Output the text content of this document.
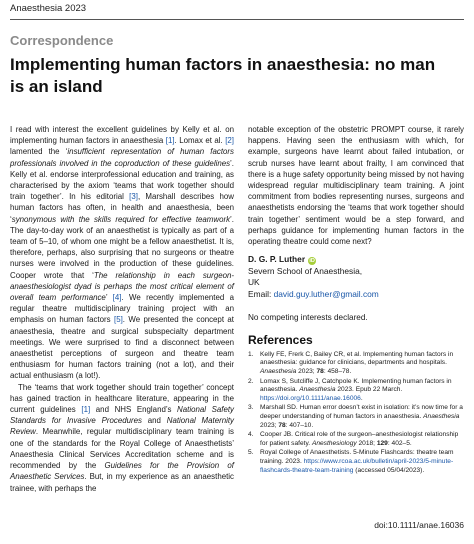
Anaesthesia 2023
Correspondence
Implementing human factors in anaesthesia: no man is an island

I read with interest the excellent guidelines by Kelly et al. on implementing human factors in anaesthesia [1]. Lomax et al. [2] lamented the ‘insufficient representation of human factors professionals involved in the coproduction of these guidelines’. Kelly et al. endorse interprofessional education and training, as characterised by the axiom ‘teams that work together should train together’. In his editorial [3], Marshall describes how human factors has often, in health and anaesthesia, been ‘synonymous with the skills required for effective teamwork’. The day-to-day work of an anaesthetist is typically as part of a team of 5–10, of whom one might be a fellow anaesthetist. It is, therefore, perhaps, also surprising that no surgeons or theatre nurses were involved in the production of these guidelines. Cooper wrote that ‘The relationship in each surgeon-anaesthesiologist dyad is perhaps the most critical element of overall team performance’ [4]. We recently implemented a regular theatre multidisciplinary training project with an emphasis on human factors [5]. We presented the concept at anaesthesia, theatre and surgical subspecialty department meetings. We were surprised to find a disconnect between anaesthetist perceptions of surgeon and theatre team enthusiasm for human factors training (not a lot), and their actual enthusiasm (a lot!).

The ‘teams that work together should train together’ concept has gained traction in healthcare literature, appearing in the current guidelines [1] and NHS England’s National Safety Standards for Invasive Procedures and National Maternity Review. Meanwhile, regular multidisciplinary team training is one of the standards for the Royal College of Anaesthetists’ Anaesthesia Clinical Services Accreditation scheme and is recommended by the Guidelines for the Provision of Anaesthetic Services. But, in my experience as an anaesthetic trainee, with perhaps the

notable exception of the obstetric PROMPT course, it rarely happens. Having seen the enthusiasm with which, for example, surgeons have learnt about failed intubation, or scrub nurses have learnt about frailty, I am convinced that there is a huge safety opportunity being missed by not having widespread regular multidisciplinary team training. A joint commitment from bodies representing nurses, surgeons and anaesthetists endorsing the ‘teams that work together should train together’ sentiment would be a step forward, and perhaps guidance for implementing human factors in the operating theatre could come next?

D. G. P. Luther iD
Severn School of Anaesthesia,
UK
Email: david.guy.luther@gmail.com
No competing interests declared.
References
1. Kelly FE, Frerk C, Bailey CR, et al. Implementing human factors in anaesthesia: guidance for clinicians, departments and hospitals. Anaesthesia 2023; 78: 458–78.
2. Lomax S, Sutcliffe J, Catchpole K. Implementing human factors in anaesthesia. Anaesthesia 2023. Epub 22 March. https://doi.org/10.1111/anae.16006.
3. Marshall SD. Human error doesn’t exist in isolation: it’s now time for a deeper understanding of human factors in anaesthesia. Anaesthesia 2023; 78: 407–10.
4. Cooper JB. Critical role of the surgeon–anesthesiologist relationship for patient safety. Anesthesiology 2018; 129: 402–5.
5. Royal College of Anaesthetists. 5-Minute Flashcards: theatre team training. 2023. https://www.rcoa.ac.uk/bulletin/april-2023/5-minute-flashcards-theatre-team-training (accessed 05/04/2023).
doi:10.1111/anae.16036
